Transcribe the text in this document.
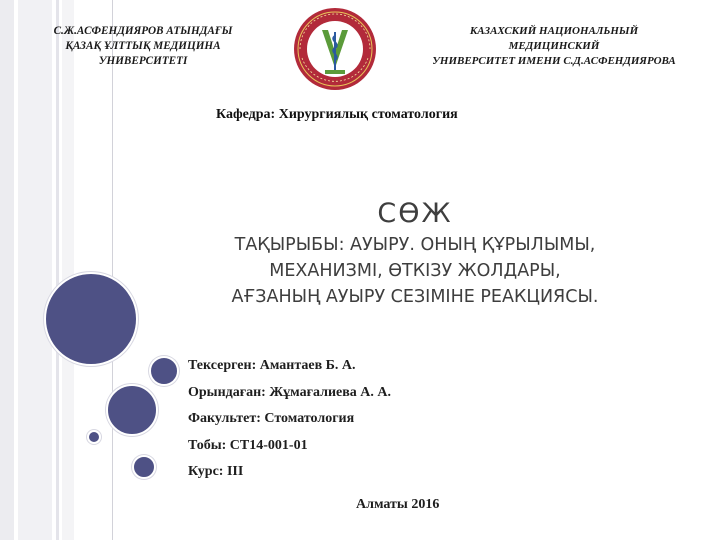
С.Ж.АСФЕНДИЯРОВ АТЫНДАҒЫ
ҚАЗАҚ ҰЛТТЫҚ МЕДИЦИНА
УНИВЕРСИТЕТІ
КАЗАХСКИЙ НАЦИОНАЛЬНЫЙ
МЕДИЦИНСКИЙ
УНИВЕРСИТЕТ ИМЕНИ С.Д.АСФЕНДИЯРОВА
Кафедра: Хирургиялық стоматология
СӨЖ
ТАҚЫРЫБЫ: АУЫРУ. ОНЫҢ ҚҰРЫЛЫМЫ,
МЕХАНИЗМІ, ӨТКІЗУ ЖОЛДАРЫ,
АҒЗАНЫҢ АУЫРУ СЕЗІМІНЕ РЕАКЦИЯСЫ.
Тексерген: Амантаев Б. А.
Орындаған: Жұмағалиева А. А.
Факультет: Стоматология
Тобы: СТ14-001-01
Курс: ІІІ
Алматы 2016
